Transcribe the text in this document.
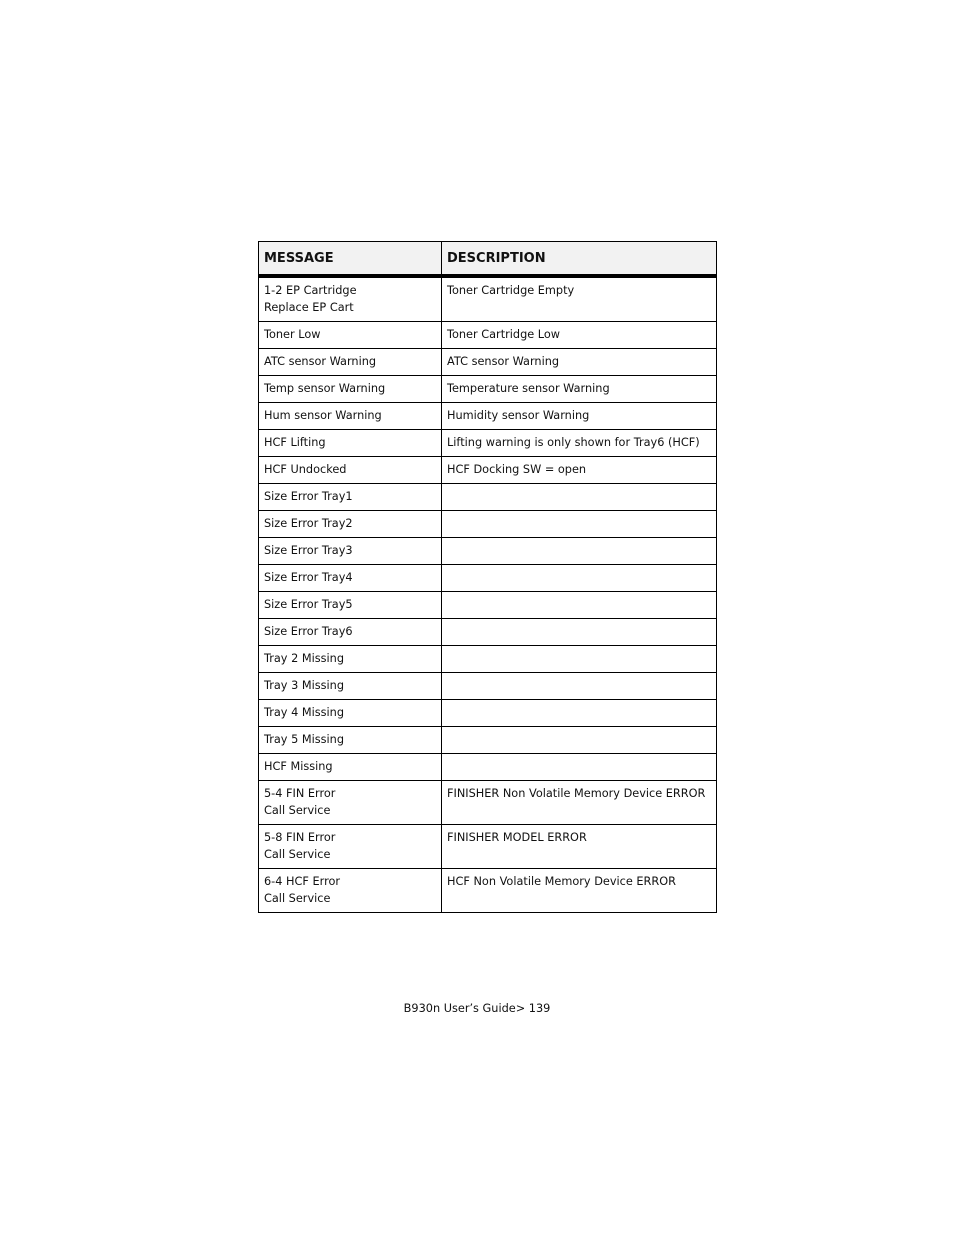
MESSAGE	DESCRIPTION

1-2 EP Cartridge
Replace EP Cart	Toner Cartridge Empty

Toner Low	Toner Cartridge Low

ATC sensor Warning	ATC sensor Warning

Temp sensor Warning	Temperature sensor Warning

Hum sensor Warning	Humidity sensor Warning

HCF Lifting	Lifting warning is only shown for Tray6 (HCF)

HCF Undocked	HCF Docking SW = open

Size Error Tray1	

Size Error Tray2	

Size Error Tray3	

Size Error Tray4	

Size Error Tray5	

Size Error Tray6	

Tray 2 Missing	

Tray 3 Missing	

Tray 4 Missing	

Tray 5 Missing	

HCF Missing	

5-4 FIN Error
Call Service	FINISHER Non Volatile Memory Device ERROR

5-8 FIN Error
Call Service	FINISHER MODEL ERROR

6-4 HCF Error
Call Service	HCF Non Volatile Memory Device ERROR
B930n User’s Guide> 139
